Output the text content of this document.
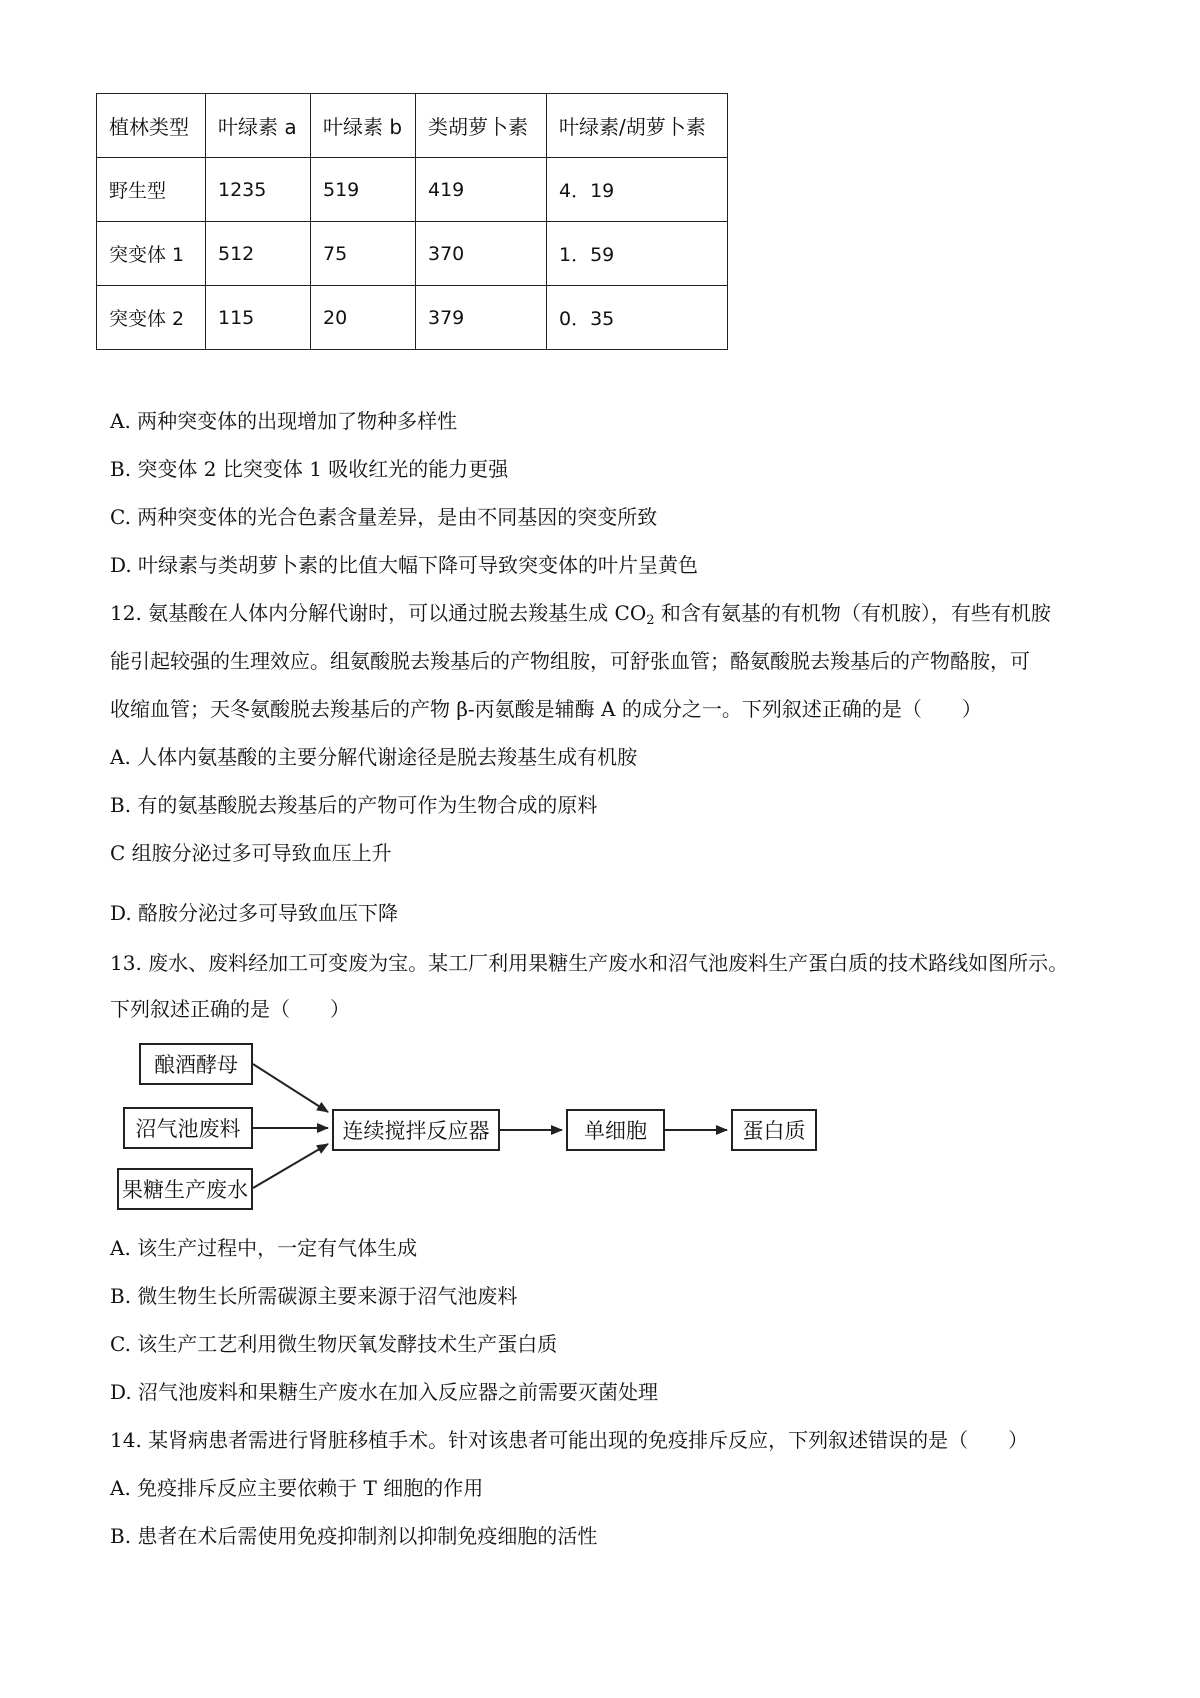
植林类型	叶绿素 a	叶绿素 b	类胡萝卜素	叶绿素/胡萝卜素
野生型	1235	519	419	4．19
突变体 1	512	75	370	1．59
突变体 2	115	20	379	0．35
A. 两种突变体的出现增加了物种多样性
B. 突变体 2 比突变体 1 吸收红光的能力更强
C. 两种突变体的光合色素含量差异，是由不同基因的突变所致
D. 叶绿素与类胡萝卜素的比值大幅下降可导致突变体的叶片呈黄色
12. 氨基酸在人体内分解代谢时，可以通过脱去羧基生成 $CO_2$ 和含有氨基的有机物（有机胺），有些有机胺
能引起较强的生理效应。组氨酸脱去羧基后的产物组胺，可舒张血管；酪氨酸脱去羧基后的产物酪胺，可
收缩血管；天冬氨酸脱去羧基后的产物 β-丙氨酸是辅酶 A 的成分之一。下列叙述正确的是（　　）
A. 人体内氨基酸的主要分解代谢途径是脱去羧基生成有机胺
B. 有的氨基酸脱去羧基后的产物可作为生物合成的原料
C 组胺分泌过多可导致血压上升
D. 酪胺分泌过多可导致血压下降
13. 废水、废料经加工可变废为宝。某工厂利用果糖生产废水和沼气池废料生产蛋白质的技术路线如图所示。
下列叙述正确的是（　　）
酿酒酵母
沼气池废料
果糖生产废水
连续搅拌反应器	单细胞	蛋白质
A. 该生产过程中，一定有气体生成
B. 微生物生长所需碳源主要来源于沼气池废料
C. 该生产工艺利用微生物厌氧发酵技术生产蛋白质
D. 沼气池废料和果糖生产废水在加入反应器之前需要灭菌处理
14. 某肾病患者需进行肾脏移植手术。针对该患者可能出现的免疫排斥反应，下列叙述错误的是（　　）
A. 免疫排斥反应主要依赖于 T 细胞的作用
B. 患者在术后需使用免疫抑制剂以抑制免疫细胞的活性
